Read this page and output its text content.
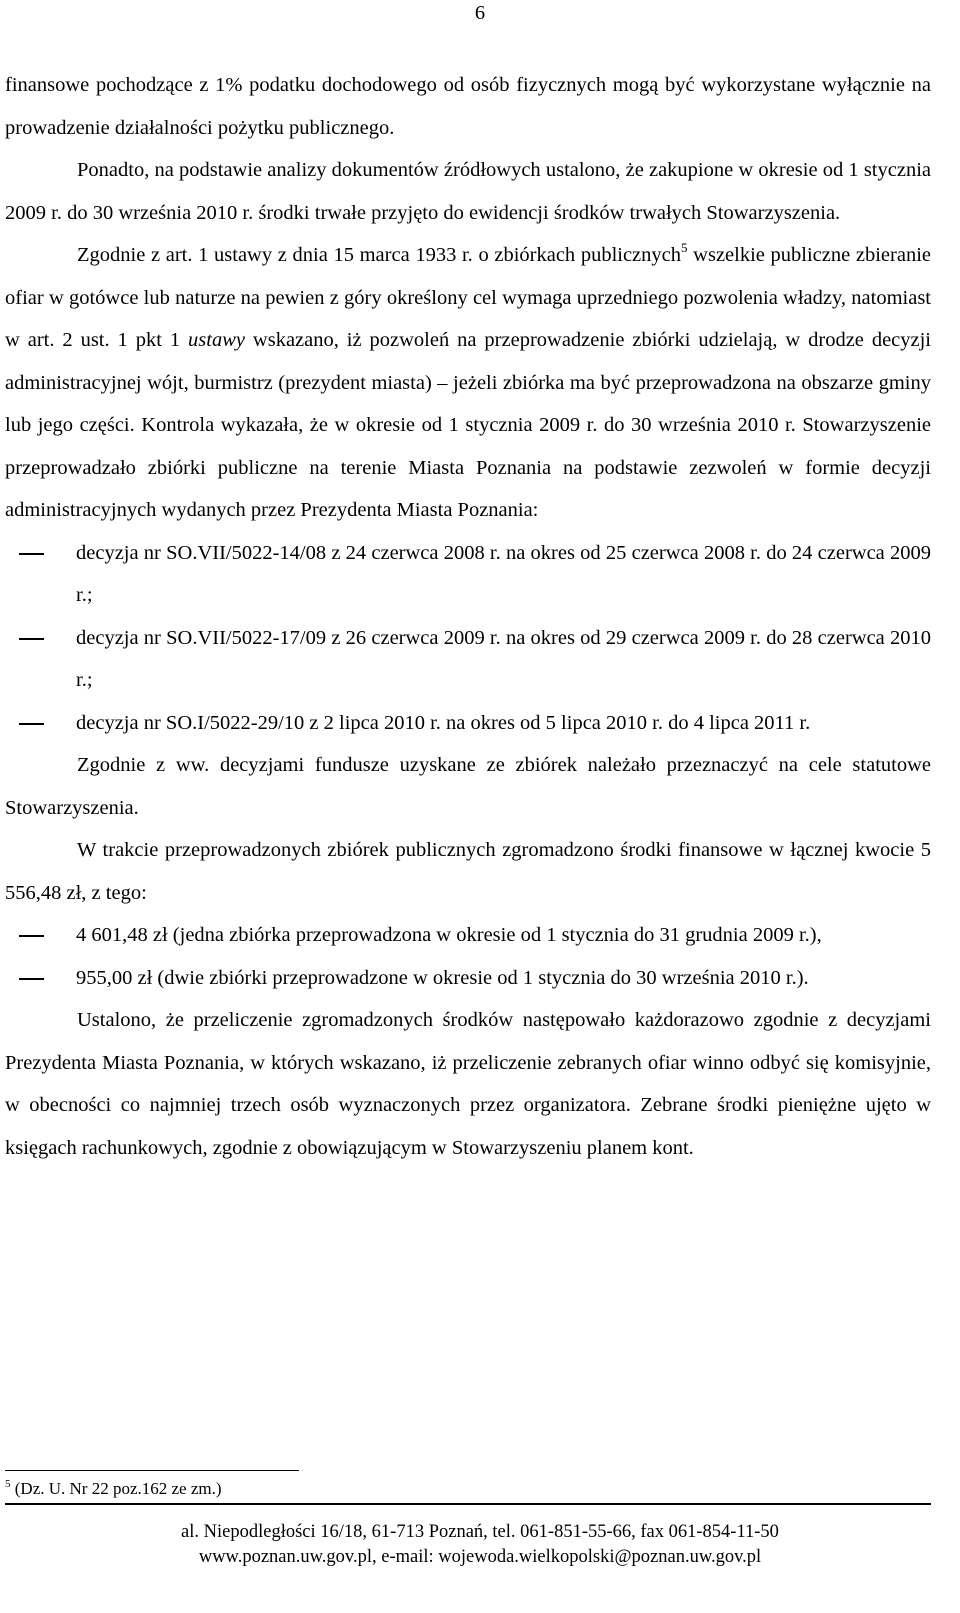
6

finansowe pochodzące z 1% podatku dochodowego od osób fizycznych mogą być wykorzystane wyłącznie na prowadzenie działalności pożytku publicznego.

Ponadto, na podstawie analizy dokumentów źródłowych ustalono, że zakupione w okresie od 1 stycznia 2009 r. do 30 września 2010 r. środki trwałe przyjęto do ewidencji środków trwałych Stowarzyszenia.

Zgodnie z art. 1 ustawy z dnia 15 marca 1933 r. o zbiórkach publicznych$^5$ wszelkie publiczne zbieranie ofiar w gotówce lub naturze na pewien z góry określony cel wymaga uprzedniego pozwolenia władzy, natomiast w art. 2 ust. 1 pkt 1 ustawy wskazano, iż pozwoleń na przeprowadzenie zbiórki udzielają, w drodze decyzji administracyjnej wójt, burmistrz (prezydent miasta) – jeżeli zbiórka ma być przeprowadzona na obszarze gminy lub jego części. Kontrola wykazała, że w okresie od 1 stycznia 2009 r. do 30 września 2010 r. Stowarzyszenie przeprowadzało zbiórki publiczne na terenie Miasta Poznania na podstawie zezwoleń w formie decyzji administracyjnych wydanych przez Prezydenta Miasta Poznania:

decyzja nr SO.VII/5022-14/08 z 24 czerwca 2008 r. na okres od 25 czerwca 2008 r. do 24 czerwca 2009 r.;
decyzja nr SO.VII/5022-17/09 z 26 czerwca 2009 r. na okres od 29 czerwca 2009 r. do 28 czerwca 2010 r.;
decyzja nr SO.I/5022-29/10 z 2 lipca 2010 r. na okres od 5 lipca 2010 r. do 4 lipca 2011 r.

Zgodnie z ww. decyzjami fundusze uzyskane ze zbiórek należało przeznaczyć na cele statutowe Stowarzyszenia.

W trakcie przeprowadzonych zbiórek publicznych zgromadzono środki finansowe w łącznej kwocie 5 556,48 zł, z tego:

4 601,48 zł (jedna zbiórka przeprowadzona w okresie od 1 stycznia do 31 grudnia 2009 r.),
955,00 zł (dwie zbiórki przeprowadzone w okresie od 1 stycznia do 30 września 2010 r.).

Ustalono, że przeliczenie zgromadzonych środków następowało każdorazowo zgodnie z decyzjami Prezydenta Miasta Poznania, w których wskazano, iż przeliczenie zebranych ofiar winno odbyć się komisyjnie, w obecności co najmniej trzech osób wyznaczonych przez organizatora. Zebrane środki pieniężne ujęto w księgach rachunkowych, zgodnie z obowiązującym w Stowarzyszeniu planem kont.

$^5$ (Dz. U. Nr 22 poz.162 ze zm.)
al. Niepodległości 16/18, 61-713 Poznań, tel. 061-851-55-66, fax 061-854-11-50
www.poznan.uw.gov.pl, e-mail: wojewoda.wielkopolski@poznan.uw.gov.pl
